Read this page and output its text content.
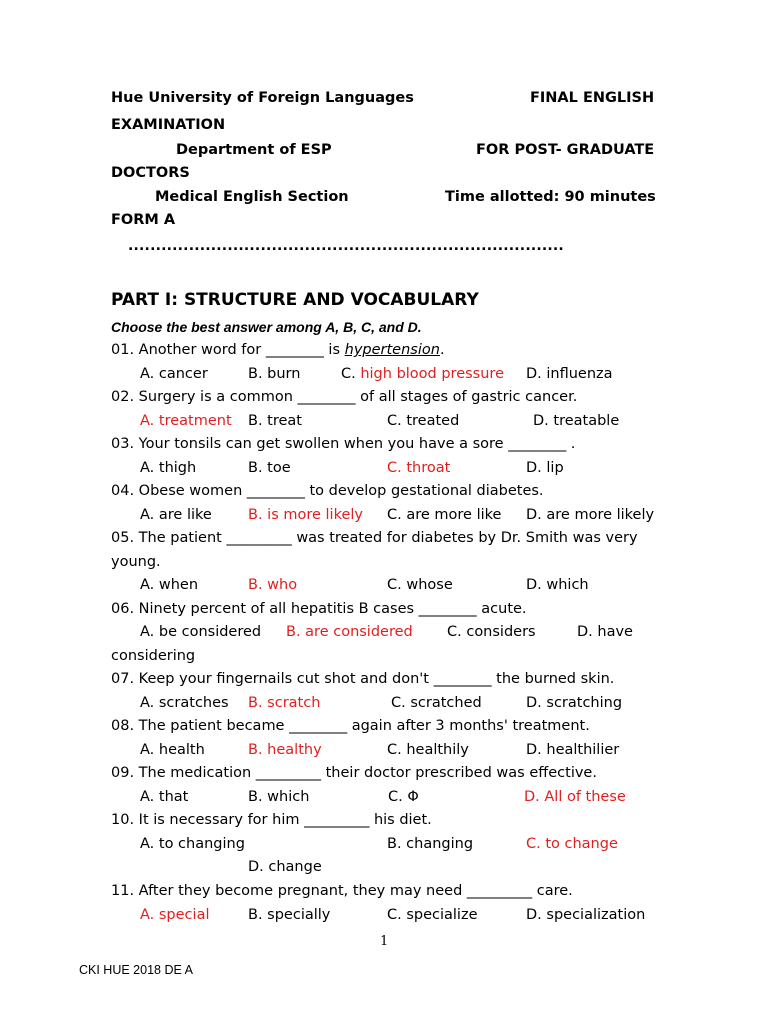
Hue University of Foreign Languages	FINAL ENGLISH
EXAMINATION
Department of ESP	FOR POST- GRADUATE
DOCTORS
Medical English Section	Time allotted: 90 minutes
FORM A
...............................................................................
PART I: STRUCTURE AND VOCABULARY
Choose the best answer among A, B, C, and D.
01. Another word for ________ is hypertension.
A. cancer	B. burn	C. high blood pressure D. influenza
02. Surgery is a common ________ of all stages of gastric cancer.
A. treatment B. treat	C. treated	D. treatable
03. Your tonsils can get swollen when you have a sore ________ .
A. thigh	B. toe	C. throat	D. lip
04. Obese women ________ to develop gestational diabetes.
A. are like B. is more likely C. are more like D. are more likely
05. The patient _________ was treated for diabetes by Dr. Smith was very
young.
A. when	B. who	C. whose	D. which
06. Ninety percent of all hepatitis B cases ________ acute.
A. be considered B. are considered C. considers	D. have
considering
07. Keep your fingernails cut shot and don't ________ the burned skin.
A. scratches B. scratch	C. scratched	D. scratching
08. The patient became ________ again after 3 months' treatment.
A. health	B. healthy	C. healthily	D. healthilier
09. The medication _________ their doctor prescribed was effective.
A. that	B. which	C. Φ	D. All of these
10. It is necessary for him _________ his diet.
A. to changing	B. changing	C. to change
D. change
11. After they become pregnant, they may need _________ care.
A. special	B. specially	C. specialize	D. specialization
1
CKI HUE 2018 DE A
